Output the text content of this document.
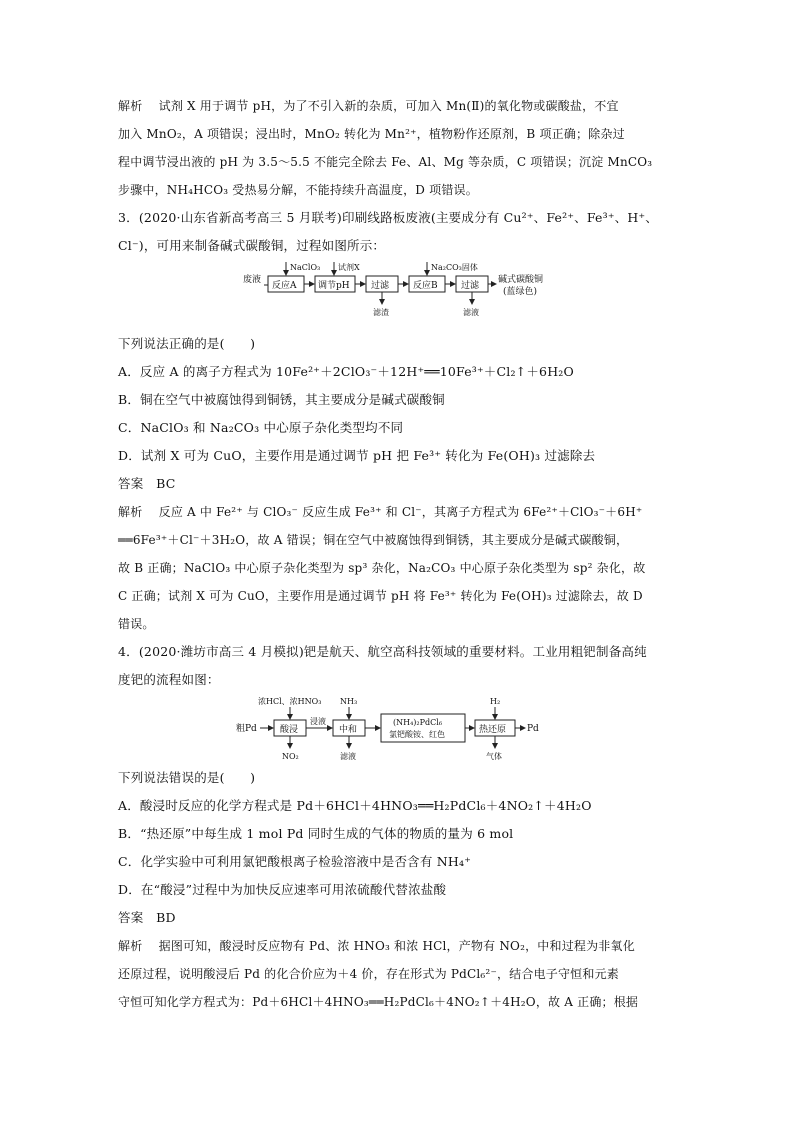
解析　 试剂 X 用于调节 pH，为了不引入新的杂质，可加入 Mn(Ⅱ)的氧化物或碳酸盐，不宜
加入 MnO₂，A 项错误；浸出时，MnO₂ 转化为 Mn²⁺，植物粉作还原剂，B 项正确；除杂过
程中调节浸出液的 pH 为 3.5～5.5 不能完全除去 Fe、Al、Mg 等杂质，C 项错误；沉淀 MnCO₃
步骤中，NH₄HCO₃ 受热易分解，不能持续升高温度，D 项错误。
3．(2020·山东省新高考高三 5 月联考)印刷线路板废液(主要成分有 Cu²⁺、Fe²⁺、Fe³⁺、H⁺、
Cl⁻)，可用来制备碱式碳酸铜，过程如图所示：
废液
反应A
NaClO₃
调节pH
试剂X
过滤
滤渣
反应B
Na₂CO₃固体
过滤
滤液
碱式碳酸铜
(蓝绿色)
下列说法正确的是(　　)
A．反应 A 的离子方程式为 10Fe²⁺＋2ClO₃⁻＋12H⁺══10Fe³⁺＋Cl₂↑＋6H₂O
B．铜在空气中被腐蚀得到铜锈，其主要成分是碱式碳酸铜
C．NaClO₃ 和 Na₂CO₃ 中心原子杂化类型均不同
D．试剂 X 可为 CuO，主要作用是通过调节 pH 把 Fe³⁺ 转化为 Fe(OH)₃ 过滤除去
答案　BC
解析　 反应 A 中 Fe²⁺ 与 ClO₃⁻ 反应生成 Fe³⁺ 和 Cl⁻，其离子方程式为 6Fe²⁺＋ClO₃⁻＋6H⁺
══6Fe³⁺＋Cl⁻＋3H₂O，故 A 错误；铜在空气中被腐蚀得到铜锈，其主要成分是碱式碳酸铜，
故 B 正确；NaClO₃ 中心原子杂化类型为 sp³ 杂化，Na₂CO₃ 中心原子杂化类型为 sp² 杂化，故
C 正确；试剂 X 可为 CuO，主要作用是通过调节 pH 将 Fe³⁺ 转化为 Fe(OH)₃ 过滤除去，故 D
错误。
4．(2020·潍坊市高三 4 月模拟)钯是航天、航空高科技领域的重要材料。工业用粗钯制备高纯
度钯的流程如图：
粗Pd	酸浸
浓HCl、浓HNO₃
NO₂
浸液
中和
NH₃
滤液
(NH₄)₂PdCl₆
氯钯酸铵、红色	热还原
H₂
气体
Pd
下列说法错误的是(　　)
A．酸浸时反应的化学方程式是 Pd＋6HCl＋4HNO₃══H₂PdCl₆＋4NO₂↑＋4H₂O
B．“热还原”中每生成 1 mol Pd 同时生成的气体的物质的量为 6 mol
C．化学实验中可利用氯钯酸根离子检验溶液中是否含有 NH₄⁺
D．在“酸浸”过程中为加快反应速率可用浓硫酸代替浓盐酸
答案　BD
解析　 据图可知，酸浸时反应物有 Pd、浓 HNO₃ 和浓 HCl，产物有 NO₂，中和过程为非氧化
还原过程，说明酸浸后 Pd 的化合价应为＋4 价，存在形式为 PdCl₆²⁻，结合电子守恒和元素
守恒可知化学方程式为：Pd＋6HCl＋4HNO₃══H₂PdCl₆＋4NO₂↑＋4H₂O，故 A 正确；根据
